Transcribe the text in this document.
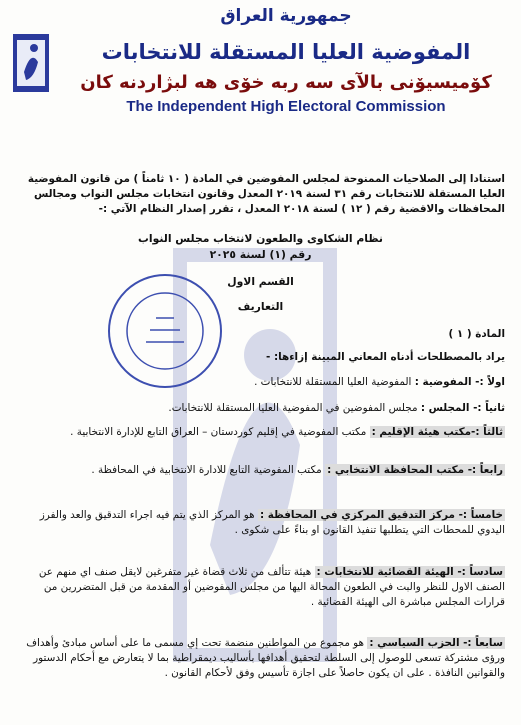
جمهورية العراق
المفوضية العليا المستقلة للانتخابات
كۆميسيۆنى بالآى سه ربه خۆى هه لبژاردنه كان
The Independent High Electoral Commission

استنادا إلى الصلاحيات الممنوحة لمجلس المفوضين في المادة ( ١٠ ثامناً ) من قانون المفوضية العليا المستقلة للانتخابات رقم ٣١ لسنة ٢٠١٩ المعدل وقانون انتخابات مجلس النواب ومجالس المحافظات والاقضية رقم ( ١٢ ) لسنة ٢٠١٨ المعدل ، تقرر إصدار النظام الآتي :-

نظام الشكاوى والطعون لانتخاب مجلس النواب
رقم (١) لسنة ٢٠٢٥
القسم الاول
التعاريف
المادة ( ١ )
يراد بالمصطلحات أدناه المعاني المبينة إزاءها: -
اولاً :- المفوضية : المفوضية العليا المستقلة للانتخابات .
ثانياً :- المجلس : مجلس المفوضين في المفوضية العليا المستقلة للانتخابات.
ثالثاً :-مكتب هيئة الإقليم : مكتب المفوضية في إقليم كوردستان – العراق التابع للإدارة الانتخابية .
رابعاً :- مكتب المحافظة الانتخابي : مكتب المفوضية التابع للادارة الانتخابية في المحافظة .
خامساً :- مركز التدقيق المركزي في المحافظة : هو المركز الذي يتم فيه اجراء التدقيق والعد والفرز اليدوي للمحطات التي يتطلبها تنفيذ القانون او بناءً على شكوى .
سادساً :- الهيئة القضائية للانتخابات : هيئة تتألف من ثلاث قضاة غير متفرغين لايقل صنف اي منهم عن الصنف الاول للنظر والبت في الطعون المحالة اليها من مجلس المفوضين أو المقدمة من قبل المتضررين من قرارات المجلس مباشرة الى الهيئة القضائية .
سابعاً :- الحزب السياسي : هو مجموع من المواطنين منضمة تحت إي مسمى ما على أساس مبادئ وأهداف ورؤى مشتركة تسعى للوصول إلى السلطة لتحقيق أهدافها بأساليب ديمقراطية بما لا يتعارض مع أحكام الدستور والقوانين النافذة . على ان يكون حاصلاً على اجازة تأسيس وفق لأحكام القانون .
